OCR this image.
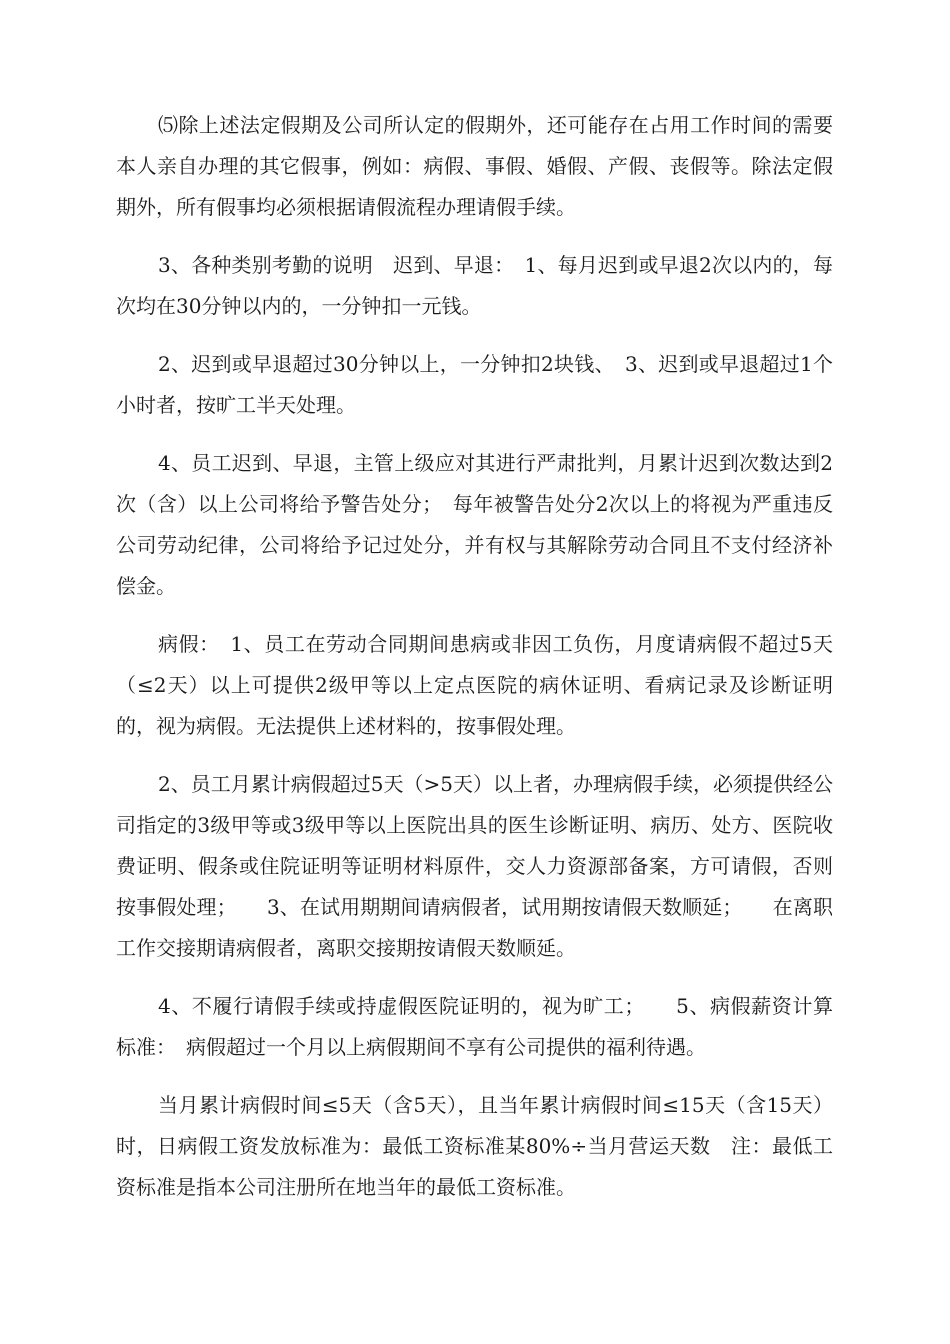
⑸除上述法定假期及公司所认定的假期外，还可能存在占用工作时间的需要本人亲自办理的其它假事，例如：病假、事假、婚假、产假、丧假等。除法定假期外，所有假事均必须根据请假流程办理请假手续。

3、各种类别考勤的说明　迟到、早退：　1、每月迟到或早退2次以内的，每次均在30分钟以内的，一分钟扣一元钱。

2、迟到或早退超过30分钟以上，一分钟扣2块钱、　3、迟到或早退超过1个小时者，按旷工半天处理。

4、员工迟到、早退，主管上级应对其进行严肃批判，月累计迟到次数达到2次（含）以上公司将给予警告处分；　每年被警告处分2次以上的将视为严重违反公司劳动纪律，公司将给予记过处分，并有权与其解除劳动合同且不支付经济补偿金。

病假：　1、员工在劳动合同期间患病或非因工负伤，月度请病假不超过5天（≤2天）以上可提供2级甲等以上定点医院的病休证明、看病记录及诊断证明的，视为病假。无法提供上述材料的，按事假处理。

2、员工月累计病假超过5天（>5天）以上者，办理病假手续，必须提供经公司指定的3级甲等或3级甲等以上医院出具的医生诊断证明、病历、处方、医院收费证明、假条或住院证明等证明材料原件，交人力资源部备案，方可请假，否则按事假处理；　　3、在试用期期间请病假者，试用期按请假天数顺延；　　在离职工作交接期请病假者，离职交接期按请假天数顺延。

4、不履行请假手续或持虚假医院证明的，视为旷工；　　5、病假薪资计算标准：　病假超过一个月以上病假期间不享有公司提供的福利待遇。

当月累计病假时间≤5天（含5天），且当年累计病假时间≤15天（含15天）时，日病假工资发放标准为：最低工资标准某80%÷当月营运天数　注：最低工资标准是指本公司注册所在地当年的最低工资标准。
